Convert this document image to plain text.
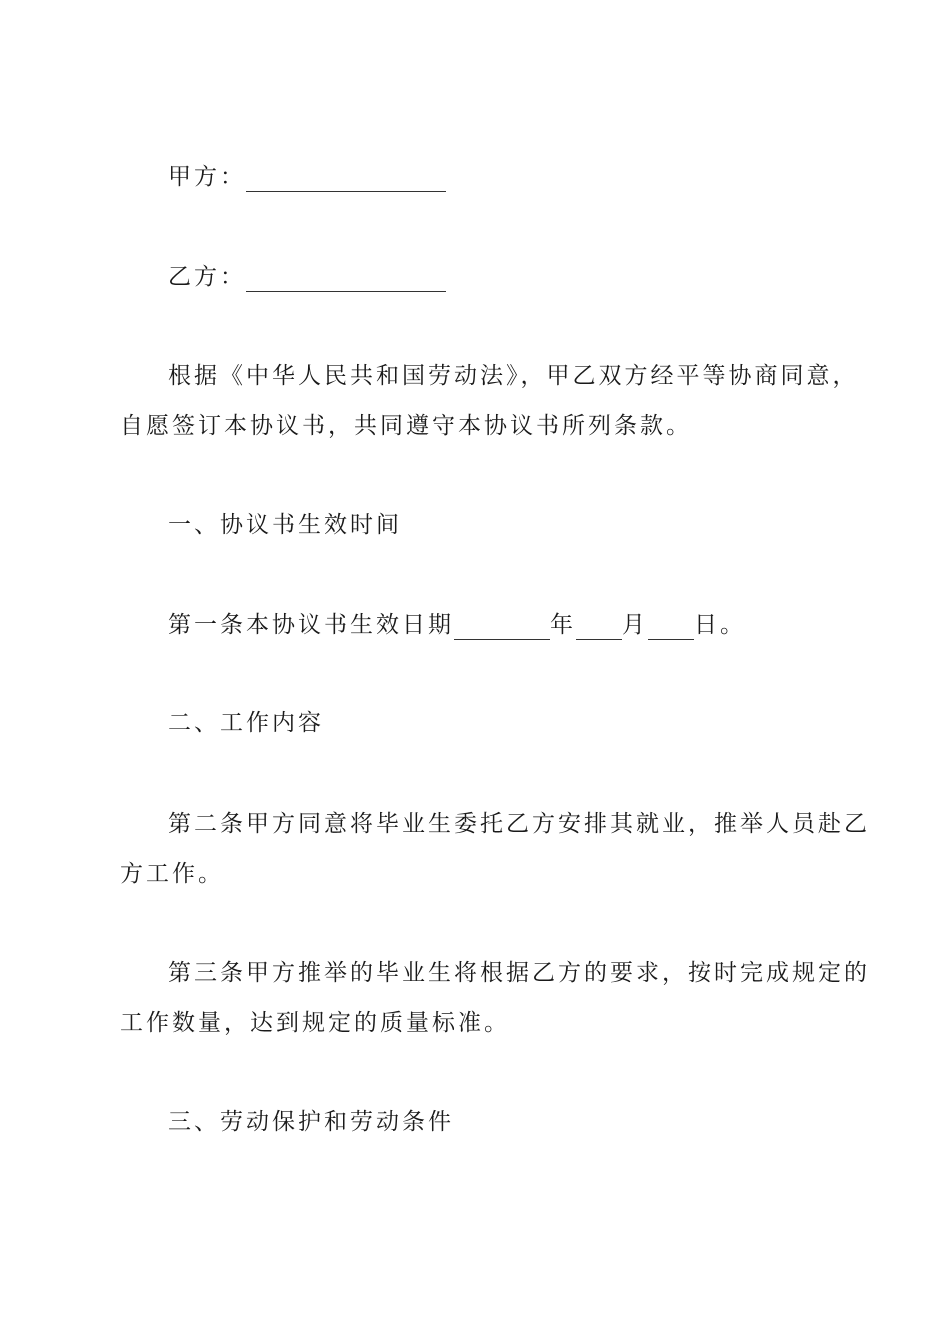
甲方：

乙方：

根据《中华人民共和国劳动法》，甲乙双方经平等协商同意，

自愿签订本协议书，共同遵守本协议书所列条款。

一、协议书生效时间

第一条本协议书生效日期	年 月 日。

二、工作内容

第二条甲方同意将毕业生委托乙方安排其就业，推举人员赴乙

方工作。

第三条甲方推举的毕业生将根据乙方的要求，按时完成规定的

工作数量，达到规定的质量标准。

三、劳动保护和劳动条件
